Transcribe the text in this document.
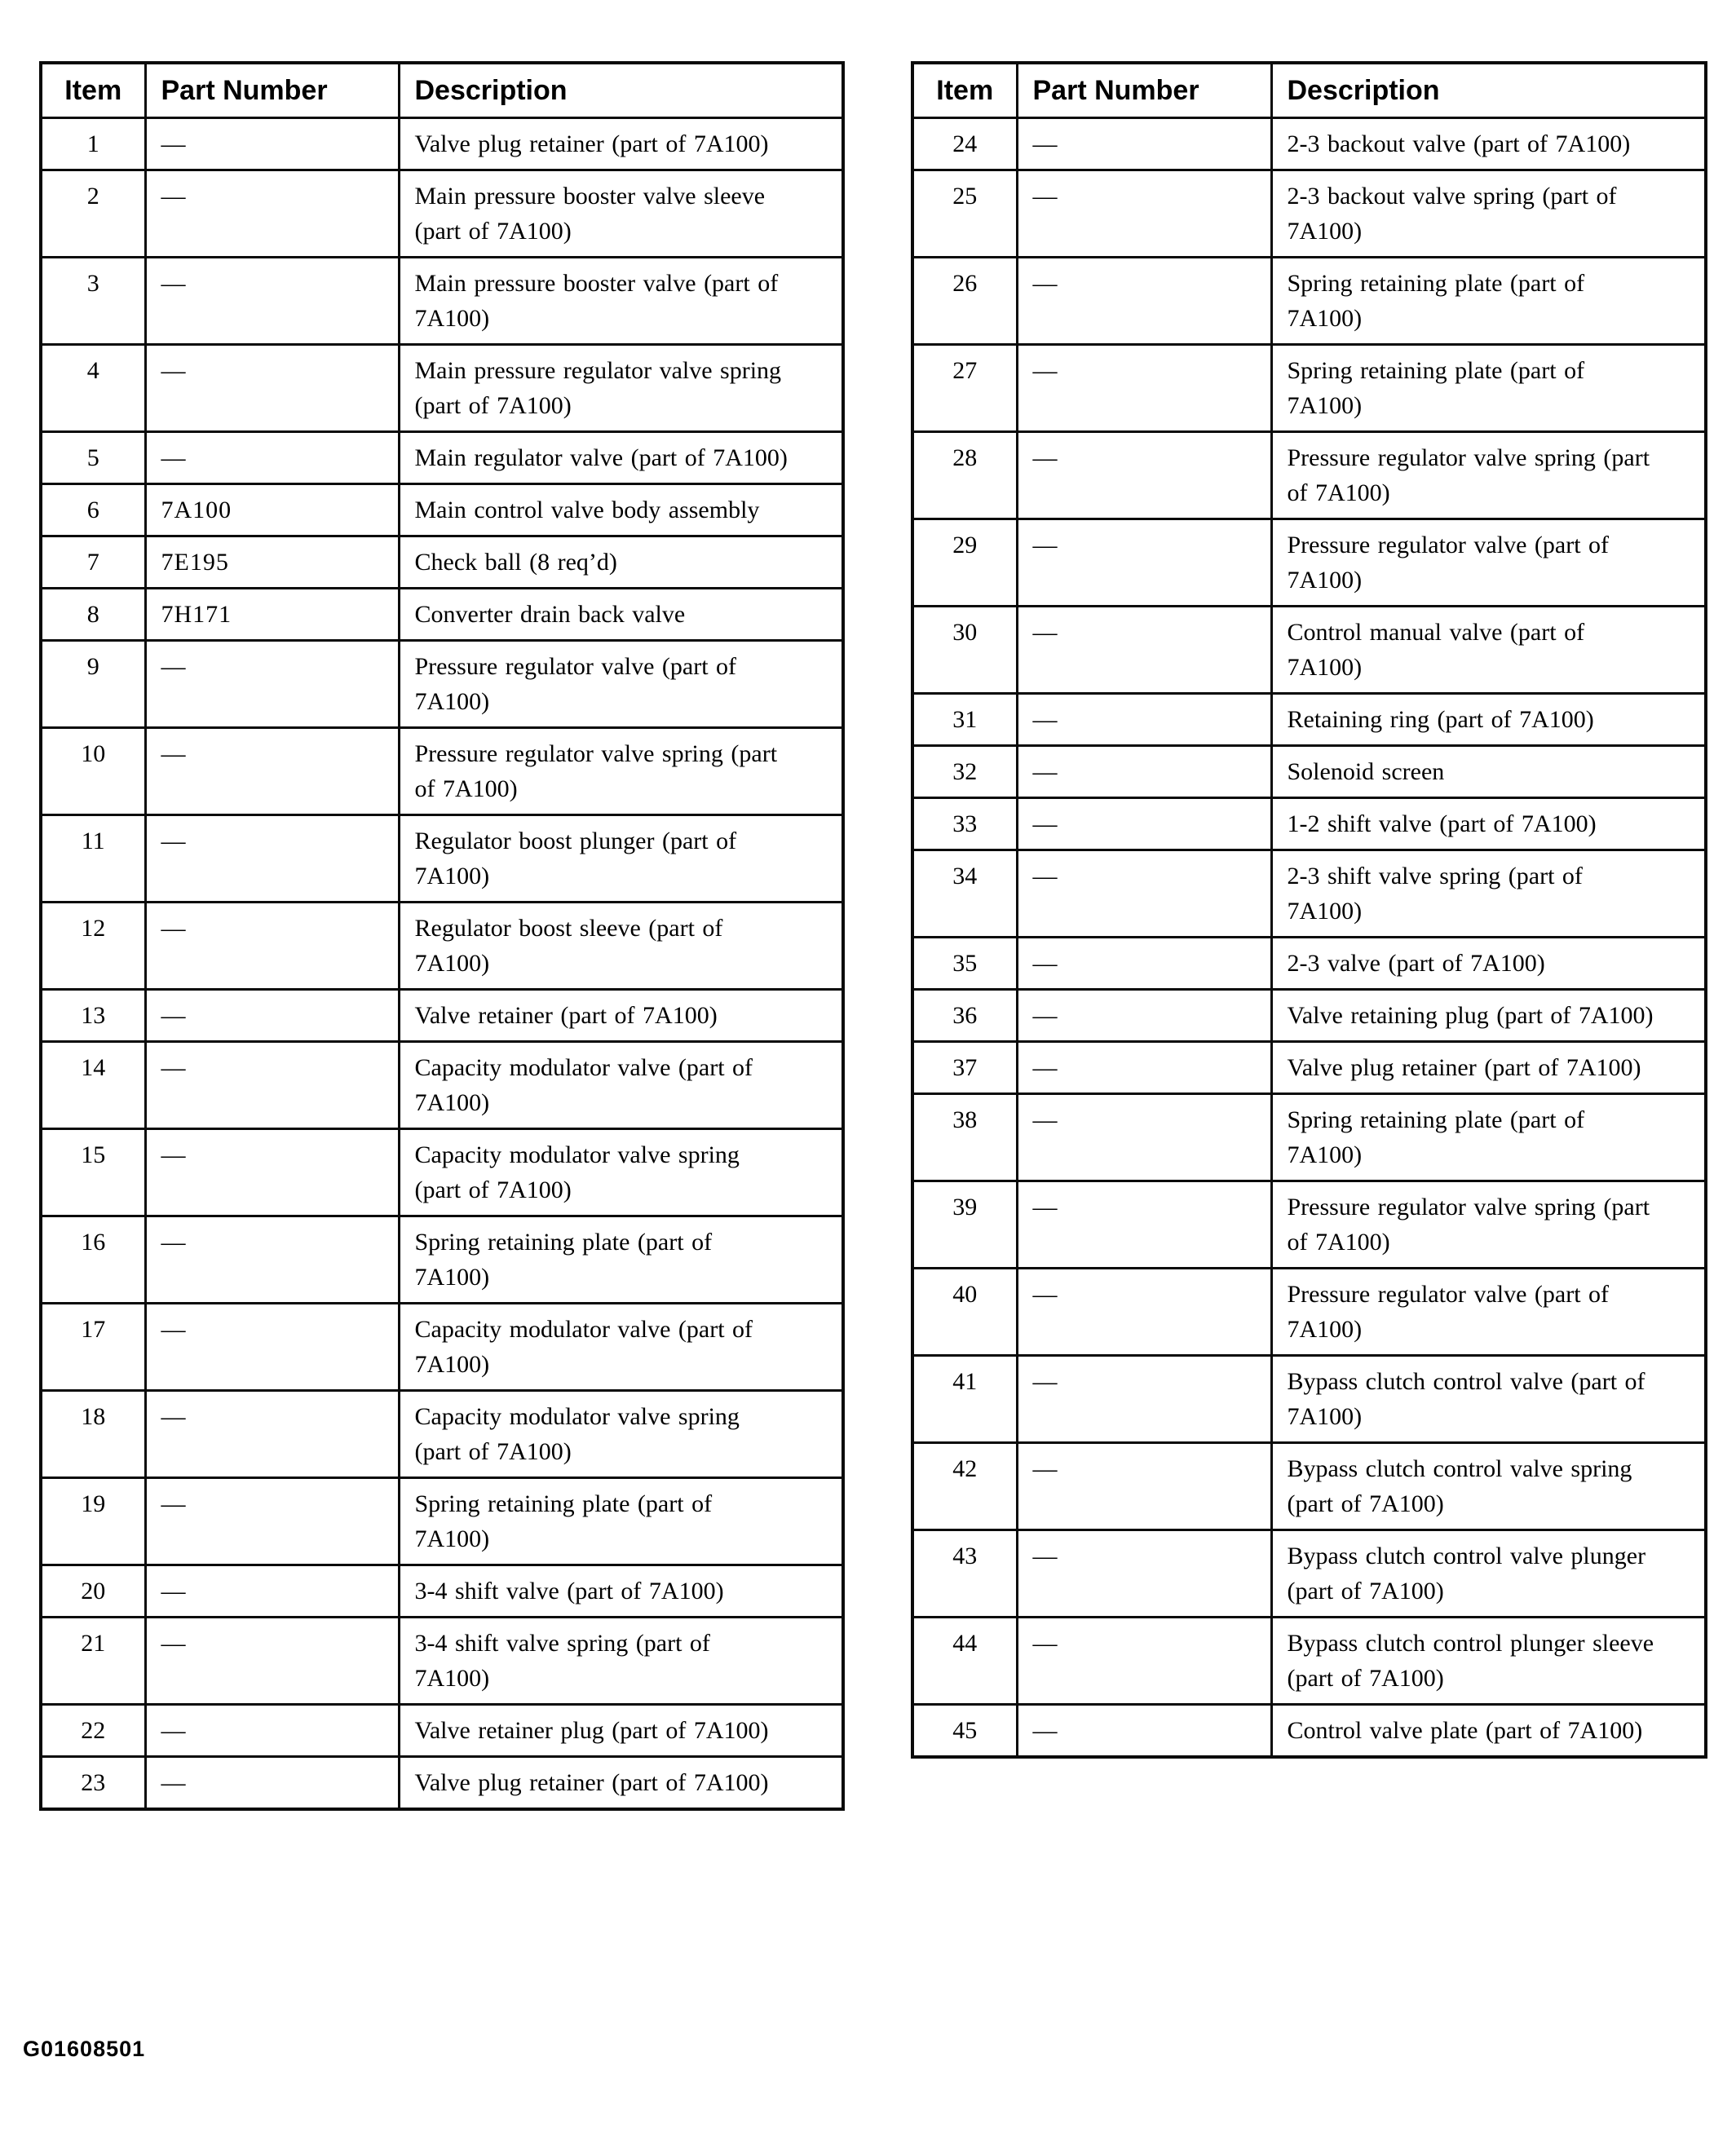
Item	Part Number	Description
1	—	Valve plug retainer (part of 7A100)
2	—	Main pressure booster valve sleeve (part of 7A100)
3	—	Main pressure booster valve (part of 7A100)
4	—	Main pressure regulator valve spring (part of 7A100)
5	—	Main regulator valve (part of 7A100)
6	7A100	Main control valve body assembly
7	7E195	Check ball (8 req’d)
8	7H171	Converter drain back valve
9	—	Pressure regulator valve (part of 7A100)
10	—	Pressure regulator valve spring (part of 7A100)
11	—	Regulator boost plunger (part of 7A100)
12	—	Regulator boost sleeve (part of 7A100)
13	—	Valve retainer (part of 7A100)
14	—	Capacity modulator valve (part of 7A100)
15	—	Capacity modulator valve spring (part of 7A100)
16	—	Spring retaining plate (part of 7A100)
17	—	Capacity modulator valve (part of 7A100)
18	—	Capacity modulator valve spring (part of 7A100)
19	—	Spring retaining plate (part of 7A100)
20	—	3-4 shift valve (part of 7A100)
21	—	3-4 shift valve spring (part of 7A100)
22	—	Valve retainer plug (part of 7A100)
23	—	Valve plug retainer (part of 7A100)
Item	Part Number	Description
24	—	2-3 backout valve (part of 7A100)
25	—	2-3 backout valve spring (part of 7A100)
26	—	Spring retaining plate (part of 7A100)
27	—	Spring retaining plate (part of 7A100)
28	—	Pressure regulator valve spring (part of 7A100)
29	—	Pressure regulator valve (part of 7A100)
30	—	Control manual valve (part of 7A100)
31	—	Retaining ring (part of 7A100)
32	—	Solenoid screen
33	—	1-2 shift valve (part of 7A100)
34	—	2-3 shift valve spring (part of 7A100)
35	—	2-3 valve (part of 7A100)
36	—	Valve retaining plug (part of 7A100)
37	—	Valve plug retainer (part of 7A100)
38	—	Spring retaining plate (part of 7A100)
39	—	Pressure regulator valve spring (part of 7A100)
40	—	Pressure regulator valve (part of 7A100)
41	—	Bypass clutch control valve (part of 7A100)
42	—	Bypass clutch control valve spring (part of 7A100)
43	—	Bypass clutch control valve plunger (part of 7A100)
44	—	Bypass clutch control plunger sleeve (part of 7A100)
45	—	Control valve plate (part of 7A100)
G01608501
